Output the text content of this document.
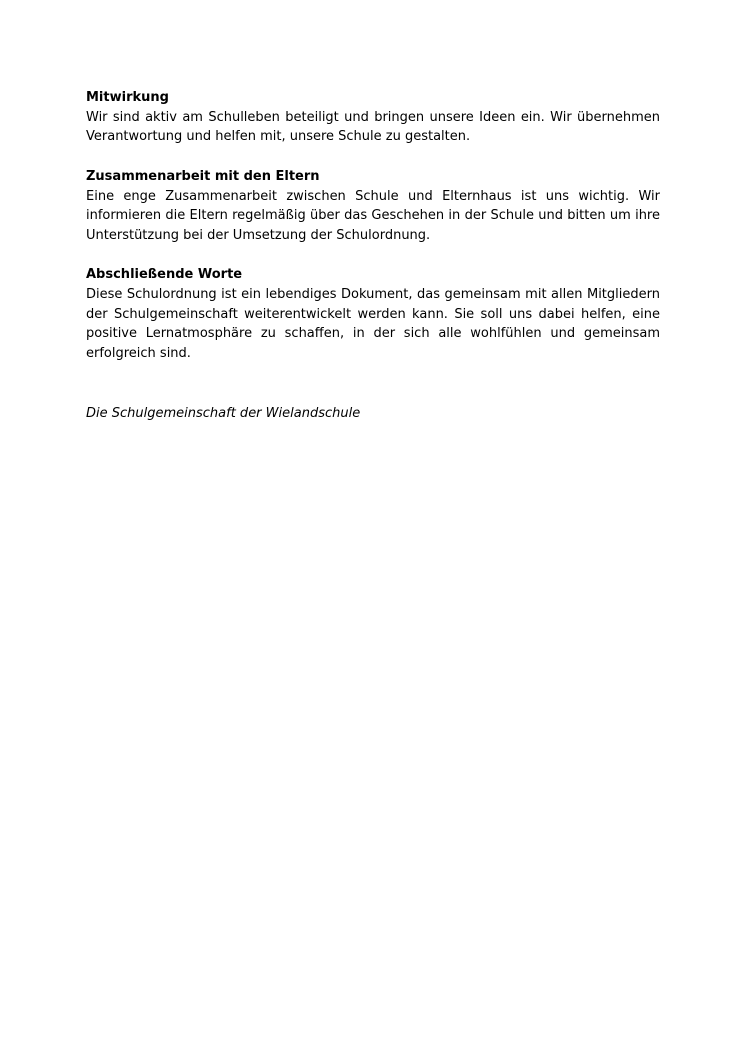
Mitwirkung

Wir sind aktiv am Schulleben beteiligt und bringen unsere Ideen ein. Wir übernehmen Verantwortung und helfen mit, unsere Schule zu gestalten.

Zusammenarbeit mit den Eltern

Eine enge Zusammenarbeit zwischen Schule und Elternhaus ist uns wichtig. Wir informieren die Eltern regelmäßig über das Geschehen in der Schule und bitten um ihre Unterstützung bei der Umsetzung der Schulordnung.

Abschließende Worte

Diese Schulordnung ist ein lebendiges Dokument, das gemeinsam mit allen Mitgliedern der Schulgemeinschaft weiterentwickelt werden kann. Sie soll uns dabei helfen, eine positive Lernatmosphäre zu schaffen, in der sich alle wohlfühlen und gemeinsam erfolgreich sind.

Die Schulgemeinschaft der Wielandschule
